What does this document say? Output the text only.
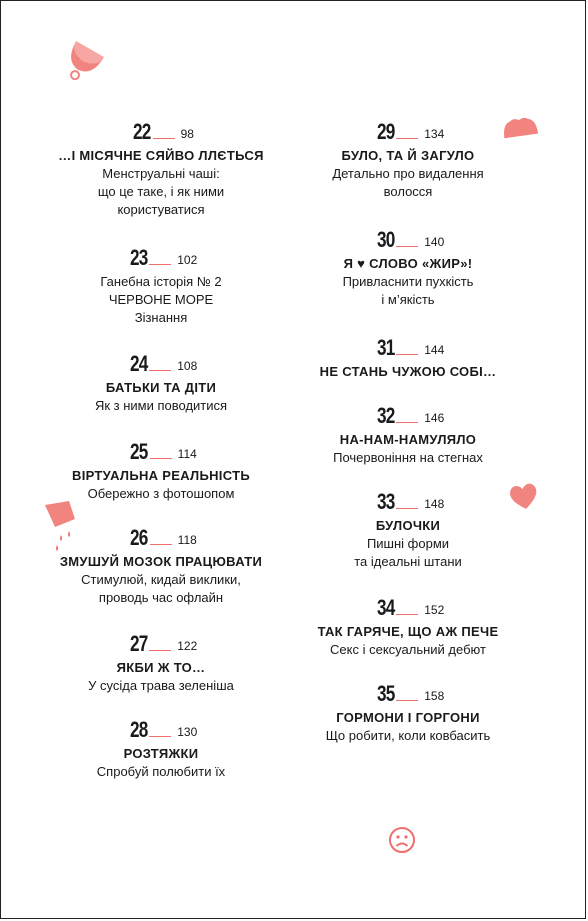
22	98
…І МІСЯЧНЕ СЯЙВО ЛЛЄТЬСЯ
Менструальні чаші:
що це таке, і як ними
користуватися
23	102
Ганебна історія № 2
ЧЕРВОНЕ МОРЕ
Зізнання
24	108
БАТЬКИ ТА ДІТИ
Як з ними поводитися
25	114
ВІРТУАЛЬНА РЕАЛЬНІСТЬ
Обережно з фотошопом
26	118
ЗМУШУЙ МОЗОК ПРАЦЮВАТИ
Стимулюй, кидай виклики,
проводь час офлайн
27	122
ЯКБИ Ж ТО…
У сусіда трава зеленіша
28	130
РОЗТЯЖКИ
Спробуй полюбити їх
29	134
БУЛО, ТА Й ЗАГУЛО
Детально про видалення
волосся
30	140
Я ♥ СЛОВО «ЖИР»!
Привласнити пухкість
і м’якість
31	144
НЕ СТАНЬ ЧУЖОЮ СОБІ…
32	146
НА-НАМ-НАМУЛЯЛО
Почервоніння на стегнах
33	148
БУЛОЧКИ
Пишні форми
та ідеальні штани
34	152
ТАК ГАРЯЧЕ, ЩО АЖ ПЕЧЕ
Секс і сексуальний дебют
35	158
ГОРМОНИ І ГОРГОНИ
Що робити, коли ковбасить
